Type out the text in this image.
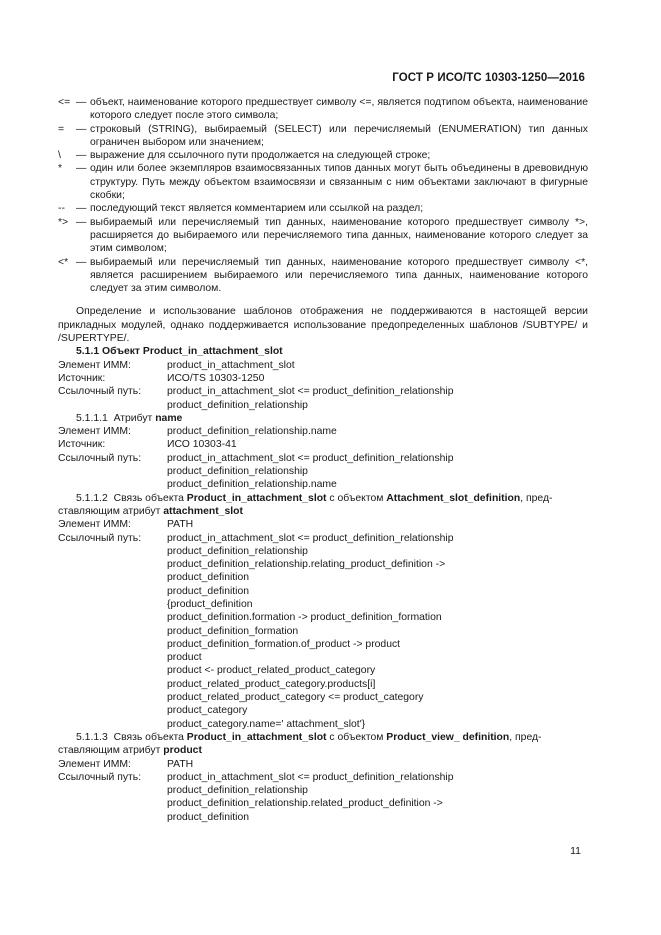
ГОСТ Р ИСО/ТС 10303-1250—2016
<= — объект, наименование которого предшествует символу <=, является подтипом объекта, наименование которого следует после этого символа;
=	— строковый (STRING), выбираемый (SELECT) или перечисляемый (ENUMERATION) тип данных ограничен выбором или значением;
\	— выражение для ссылочного пути продолжается на следующей строке;
*	— один или более экземпляров взаимосвязанных типов данных могут быть объединены в древовидную структуру. Путь между объектом взаимосвязи и связанным с ним объектами заключают в фигурные скобки;
--	— последующий текст является комментарием или ссылкой на раздел;
*> — выбираемый или перечисляемый тип данных, наименование которого предшествует символу *>, расширяется до выбираемого или перечисляемого типа данных, наименование которого следует за этим символом;
<* — выбираемый или перечисляемый тип данных, наименование которого предшествует символу <*, является расширением выбираемого или перечисляемого типа данных, наименование которого следует за этим символом.

Определение и использование шаблонов отображения не поддерживаются в настоящей версии прикладных модулей, однако поддерживается использование предопределенных шаблонов /SUBTYPE/ и /SUPERTYPE/.

5.1.1 Объект Product_in_attachment_slot
Элемент ИММ:	product_in_attachment_slot
Источник:	ИСО/TS 10303-1250
Ссылочный путь:	product_in_attachment_slot <= product_definition_relationship
product_definition_relationship
5.1.1.1 Атрибут name
Элемент ИММ:	product_definition_relationship.name
Источник:	ИСО 10303-41
Ссылочный путь:	product_in_attachment_slot <= product_definition_relationship
product_definition_relationship
product_definition_relationship.name
5.1.1.2 Связь объекта Product_in_attachment_slot с объектом Attachment_slot_definition, пред-
ставляющим атрибут attachment_slot
Элемент ИММ:	PATH
Ссылочный путь:	product_in_attachment_slot <= product_definition_relationship
product_definition_relationship
product_definition_relationship.relating_product_definition ->
product_definition
product_definition
{product_definition
product_definition.formation -> product_definition_formation
product_definition_formation
product_definition_formation.of_product -> product
product
product <- product_related_product_category
product_related_product_category.products[i]
product_related_product_category <= product_category
product_category
product_category.name=' attachment_slot'}
5.1.1.3 Связь объекта Product_in_attachment_slot с объектом Product_view_ definition, пред-
ставляющим атрибут product
Элемент ИММ:	PATH
Ссылочный путь:	product_in_attachment_slot <= product_definition_relationship
product_definition_relationship
product_definition_relationship.related_product_definition ->
product_definition
11
